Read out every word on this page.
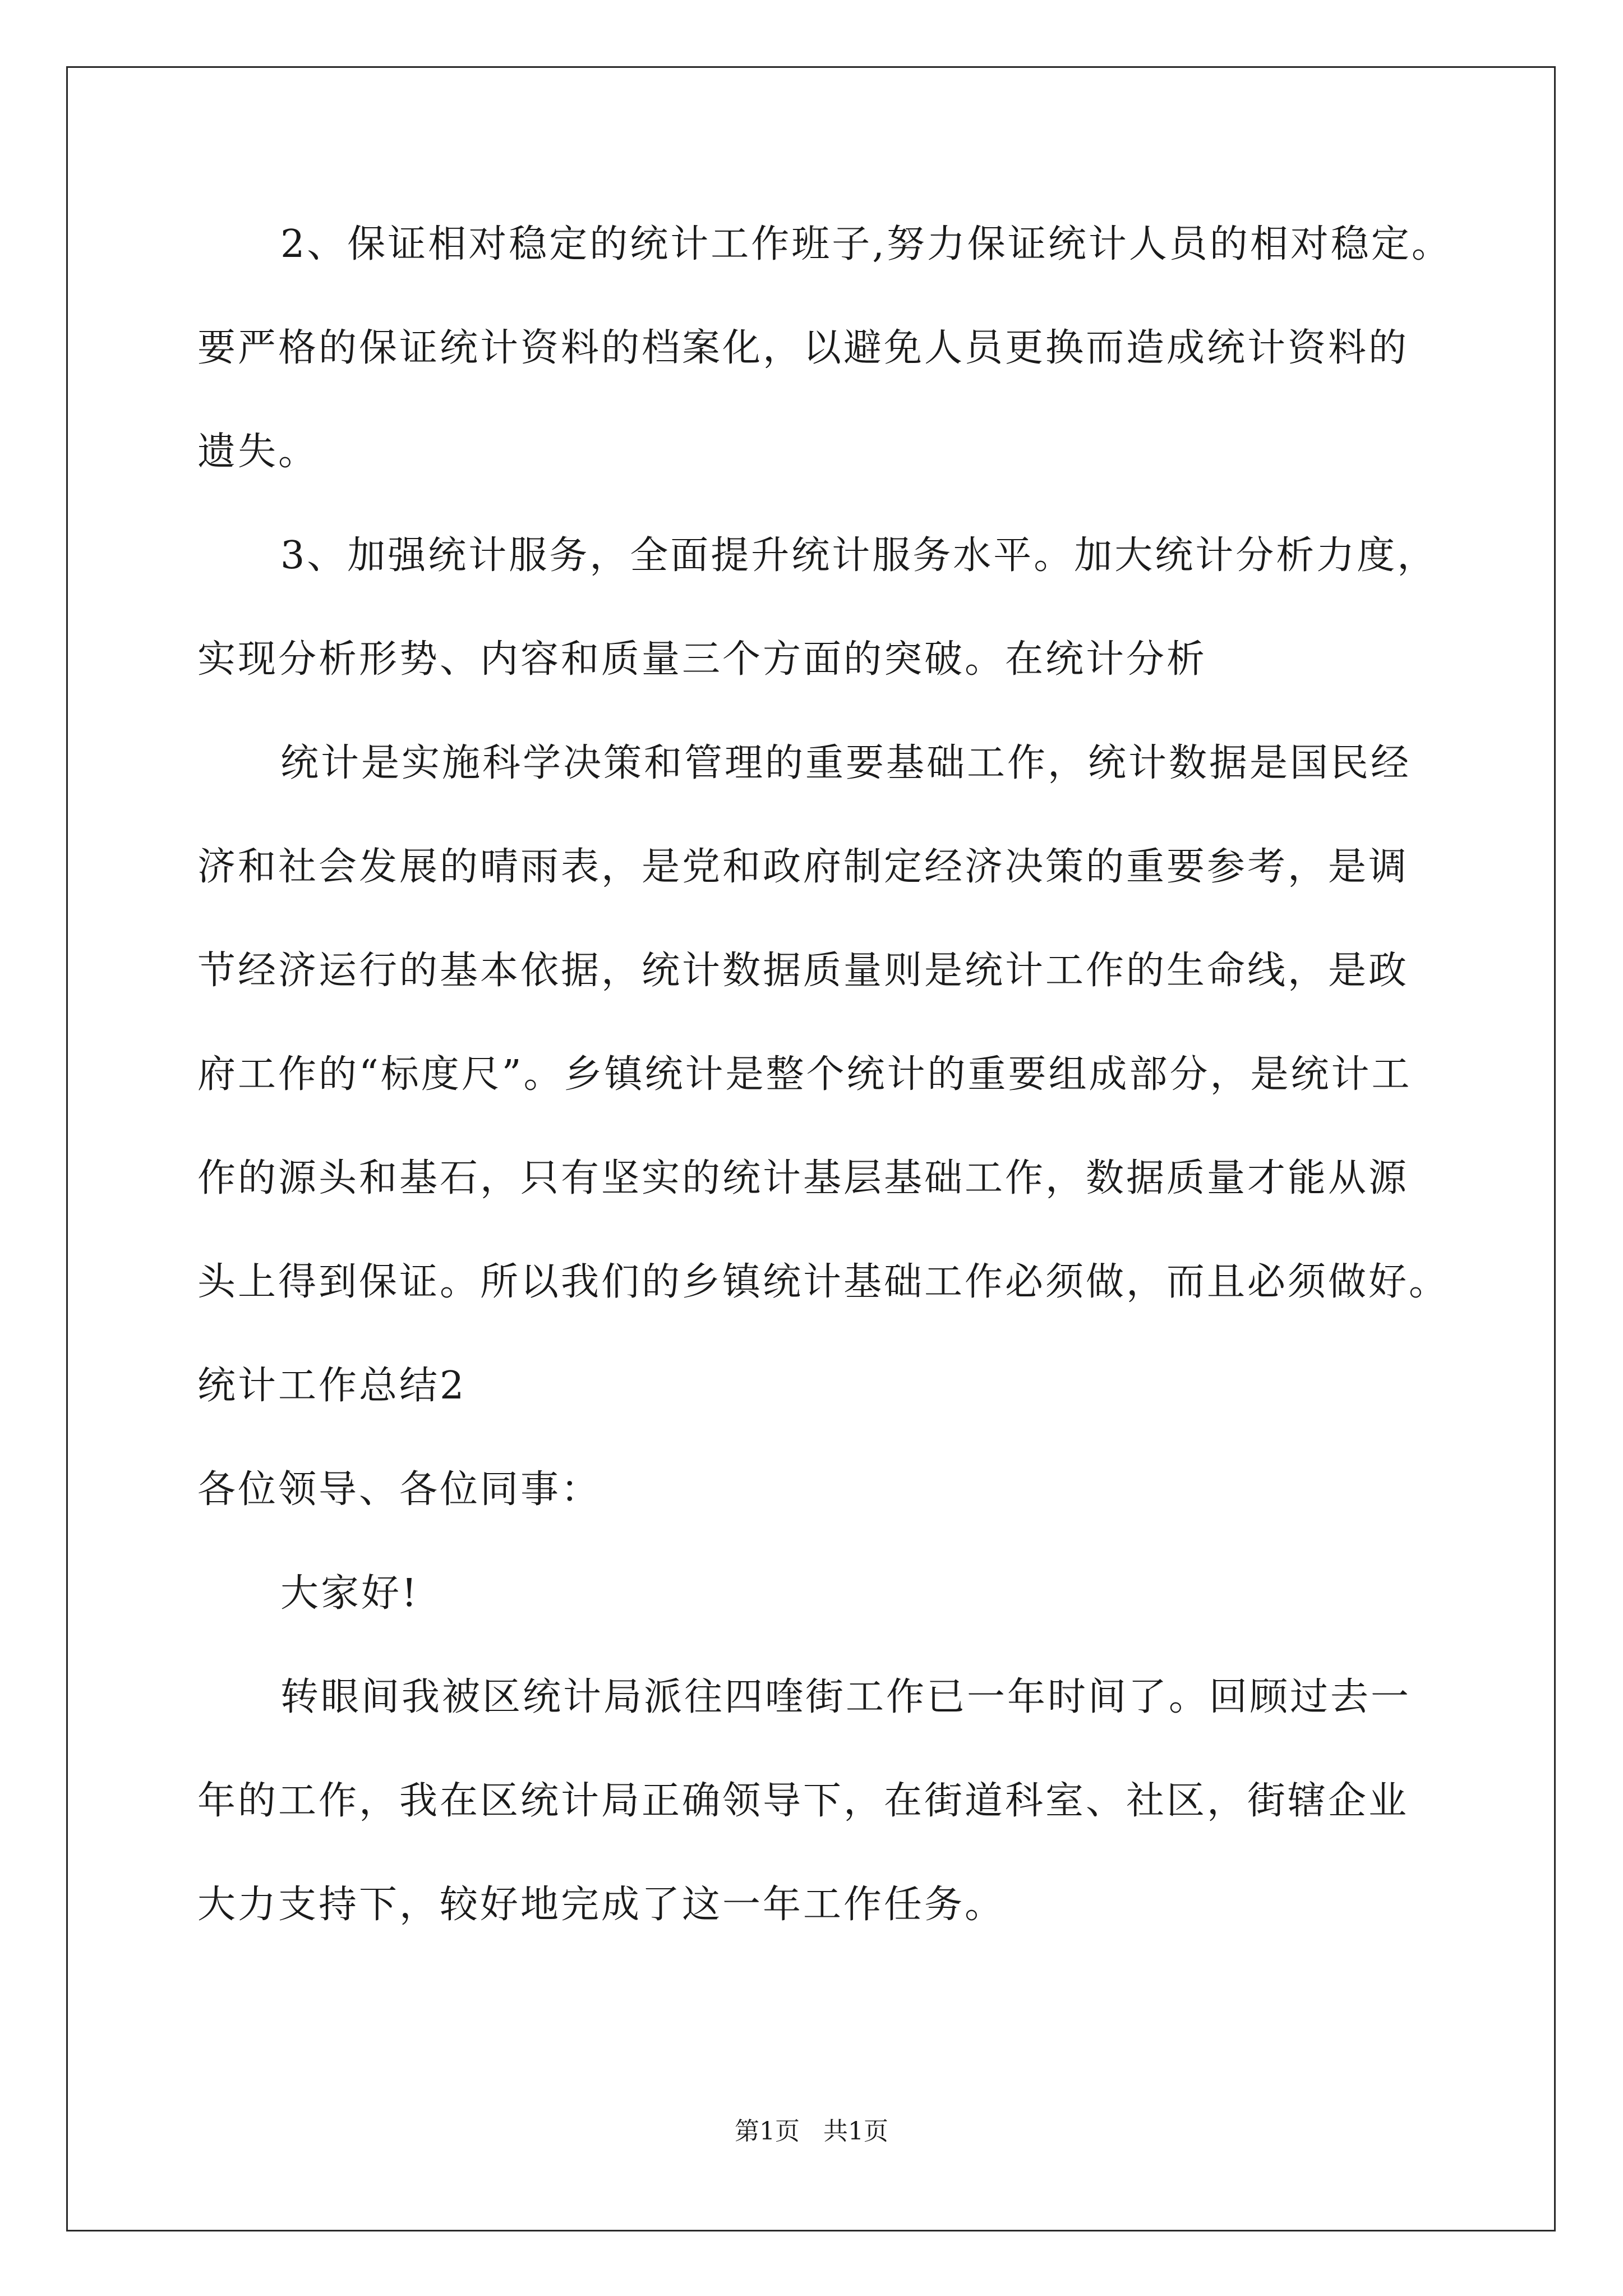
2、保证相对稳定的统计工作班子,努力保证统计人员的相对稳定。
要严格的保证统计资料的档案化，以避免人员更换而造成统计资料的
遗失。
3、加强统计服务，全面提升统计服务水平。加大统计分析力度，
实现分析形势、内容和质量三个方面的突破。在统计分析
统计是实施科学决策和管理的重要基础工作，统计数据是国民经
济和社会发展的晴雨表，是党和政府制定经济决策的重要参考，是调
节经济运行的基本依据，统计数据质量则是统计工作的生命线，是政
府工作的“标度尺”。乡镇统计是整个统计的重要组成部分，是统计工
作的源头和基石，只有坚实的统计基层基础工作，数据质量才能从源
头上得到保证。所以我们的乡镇统计基础工作必须做，而且必须做好。
统计工作总结2
各位领导、各位同事：
大家好!
转眼间我被区统计局派往四喹街工作已一年时间了。回顾过去一
年的工作，我在区统计局正确领导下，在街道科室、社区，街辖企业
大力支持下，较好地完成了这一年工作任务。
第1页   共1页
